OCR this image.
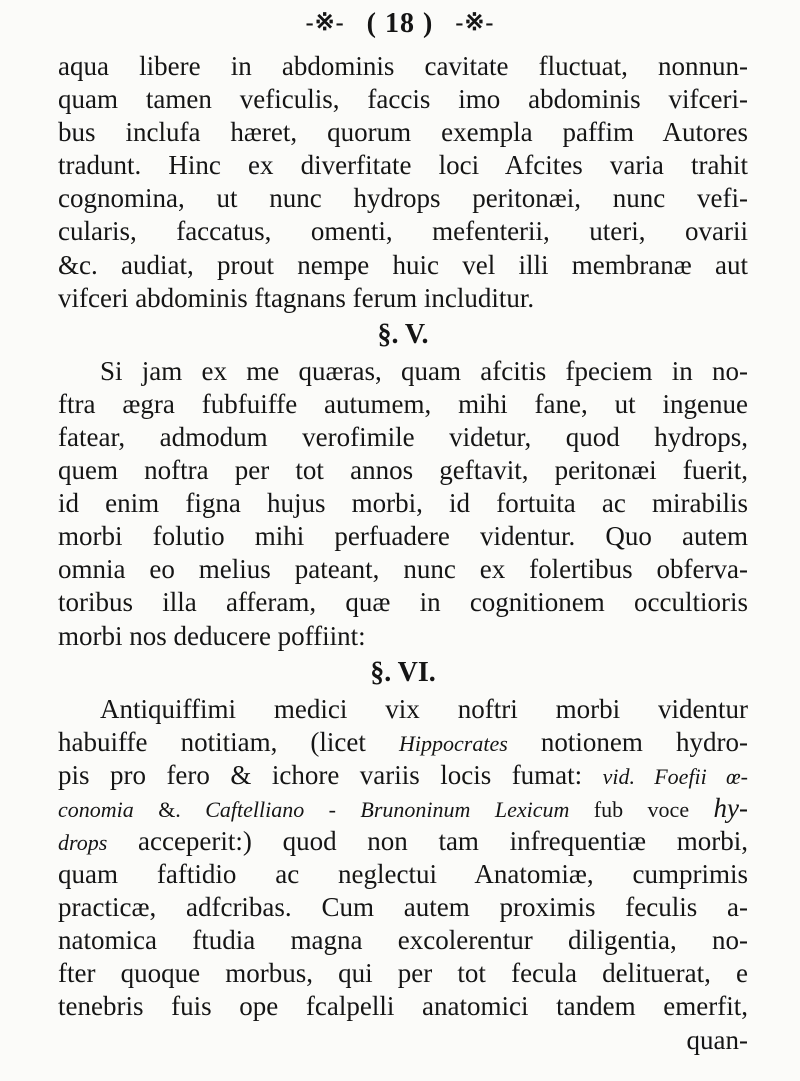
-※- ( 18 ) -※-
aqua libere in abdominis cavitate fluctuat, nonnun-
quam tamen veficulis, faccis imo abdominis vifceri-
bus inclufa hæret, quorum exempla paffim Autores
tradunt. Hinc ex diverfitate loci Afcites varia trahit
cognomina, ut nunc hydrops peritonæi, nunc vefi-
cularis, faccatus, omenti, mefenterii, uteri, ovarii
&c. audiat, prout nempe huic vel illi membranæ aut
vifceri abdominis ftagnans ferum includitur.
§. V.
Si jam ex me quæras, quam afcitis fpeciem in no-
ftra ægra fubfuiffe autumem, mihi fane, ut ingenue
fatear, admodum verofimile videtur, quod hydrops,
quem noftra per tot annos geftavit, peritonæi fuerit,
id enim figna hujus morbi, id fortuita ac mirabilis
morbi folutio mihi perfuadere videntur. Quo autem
omnia eo melius pateant, nunc ex folertibus obferva-
toribus illa afferam, quæ in cognitionem occultioris
morbi nos deducere poffiint:
§. VI.
Antiquiffimi medici vix noftri morbi videntur
habuiffe notitiam, (licet Hippocrates notionem hydro-
pis pro fero & ichore variis locis fumat: vid. Foefii œ-
conomia &. Caftelliano - Brunoninum Lexicum fub voce hy-
drops acceperit:) quod non tam infrequentiæ morbi,
quam faftidio ac neglectui Anatomiæ, cumprimis
practicæ, adfcribas. Cum autem proximis feculis a-
natomica ftudia magna excolerentur diligentia, no-
fter quoque morbus, qui per tot fecula delituerat, e
tenebris fuis ope fcalpelli anatomici tandem emerfit,
quan-
